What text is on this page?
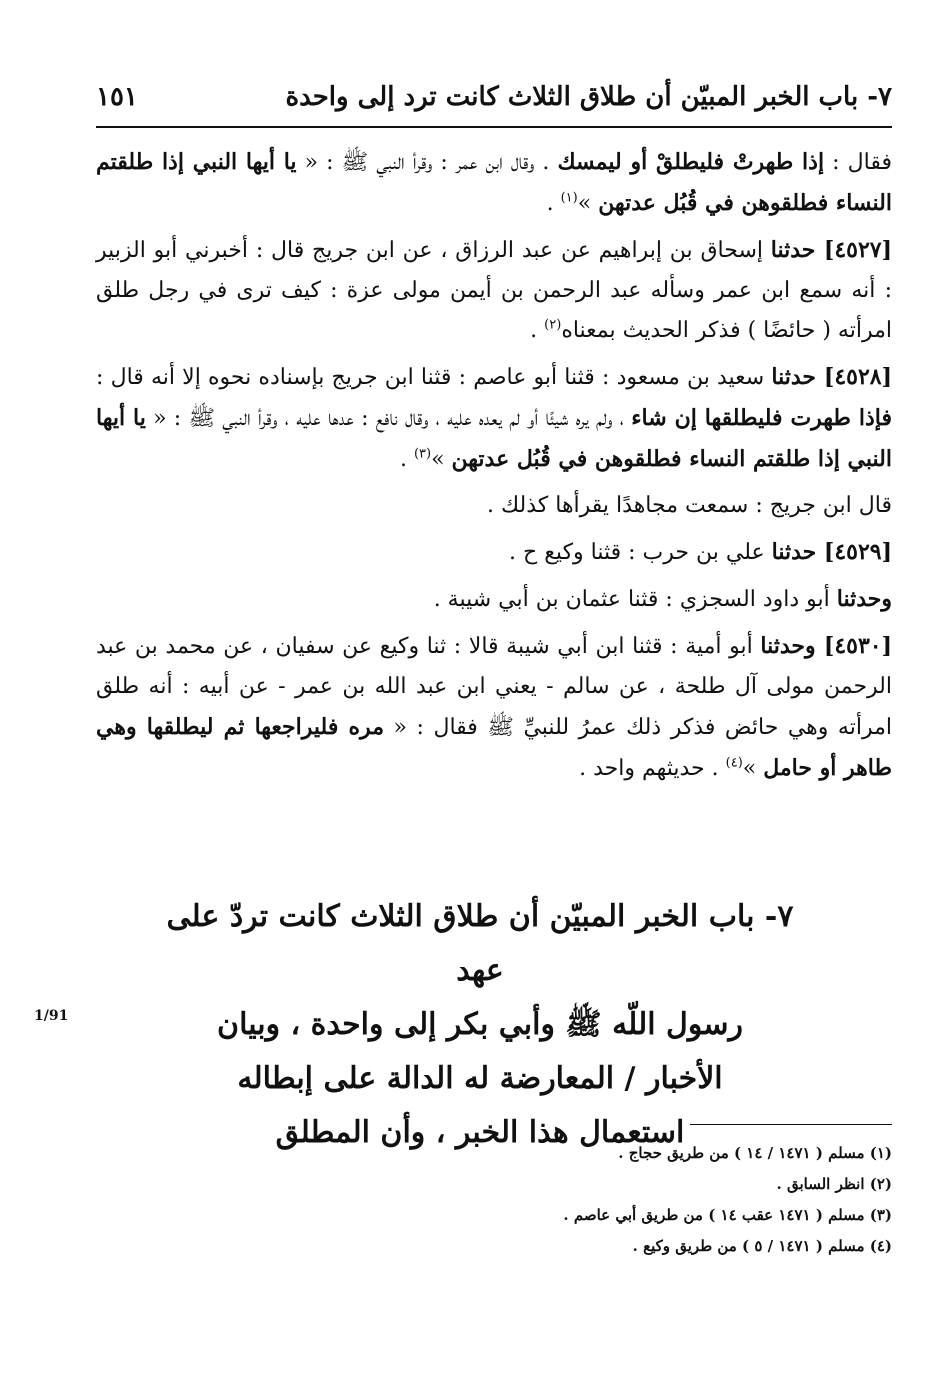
٧- باب الخبر المبيّن أن طلاق الثلاث كانت ترد إلى واحدة
١٥١

فقال : إذا طهرتْ فليطلقْ أو ليمسك . وقال ابن عمر : وقرأ النبي ﷺ : « يا أيها النبي إذا طلقتم النساء فطلقوهن في قُبُل عدتهن »$^{(١)}$ .

[٤٥٢٧] حدثنا إسحاق بن إبراهيم عن عبد الرزاق ، عن ابن جريج قال : أخبرني أبو الزبير : أنه سمع ابن عمر وسأله عبد الرحمن بن أيمن مولى عزة : كيف ترى في رجل طلق امرأته ( حائضًا ) فذكر الحديث بمعناه$^{(٢)}$ .

[٤٥٢٨] حدثنا سعيد بن مسعود : قثنا أبو عاصم : قثنا ابن جريج بإسناده نحوه إلا أنه قال : فإذا طهرت فليطلقها إن شاء ، ولم يره شيئًا أو لم يعده عليه ، وقال نافع : عدها عليه ، وقرأ النبي ﷺ : « يا أيها النبي إذا طلقتم النساء فطلقوهن في قُبُل عدتهن »$^{(٣)}$ .

قال ابن جريج : سمعت مجاهدًا يقرأها كذلك .

[٤٥٢٩] حدثنا علي بن حرب : قثنا وكيع ح .

وحدثنا أبو داود السجزي : قثنا عثمان بن أبي شيبة .

[٤٥٣٠] وحدثنا أبو أمية : قثنا ابن أبي شيبة قالا : ثنا وكيع عن سفيان ، عن محمد بن عبد الرحمن مولى آل طلحة ، عن سالم - يعني ابن عبد الله بن عمر - عن أبيه : أنه طلق امرأته وهي حائض فذكر ذلك عمرُ للنبيِّ ﷺ فقال : « مره فليراجعها ثم ليطلقها وهي طاهر أو حامل »$^{(٤)}$ . حديثهم واحد .

٧- باب الخبر المبيّن أن طلاق الثلاث كانت تردّ على عهد
رسول اللّه ﷺ وأبي بكر إلى واحدة ، وبيان
الأخبار / المعارضة له الدالة على إبطاله
استعمال هذا الخبر ، وأن المطلق
1/91

(١) مسلم ( ١٤٧١ / ١٤ ) من طريق حجاج .

(٢) انظر السابق .

(٣) مسلم ( ١٤٧١ عقب ١٤ ) من طريق أبي عاصم .

(٤) مسلم ( ١٤٧١ / ٥ ) من طريق وكيع .
